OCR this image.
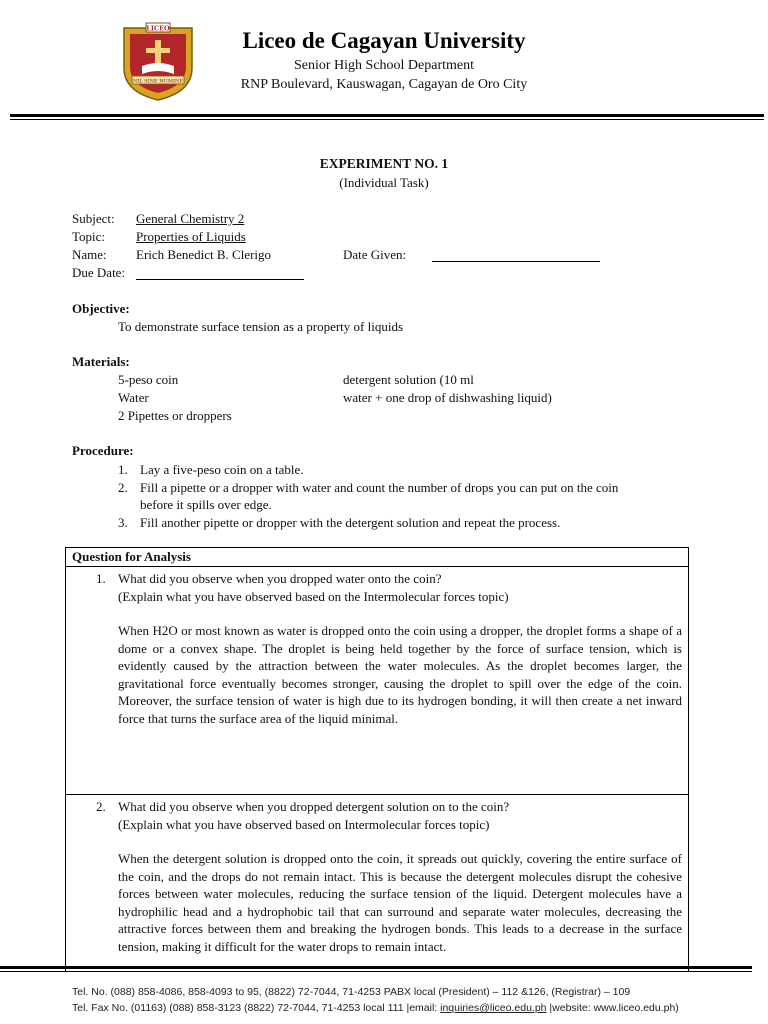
LICEO
NIL SINE NUMINE
Liceo de Cagayan University
Senior High School Department
RNP Boulevard, Kauswagan, Cagayan de Oro City
EXPERIMENT NO. 1
(Individual Task)
Subject: General Chemistry 2
Topic: Properties of Liquids
Name: Erich Benedict B. Clerigo	Date Given:
Due Date:
Objective:
To demonstrate surface tension as a property of liquids
Materials:
5-peso coin
Water
2 Pipettes or droppers
detergent solution (10 ml
water + one drop of dishwashing liquid)
Procedure:
1. Lay a five-peso coin on a table.
2. Fill a pipette or a dropper with water and count the number of drops you can put on the coin
before it spills over edge.
3. Fill another pipette or dropper with the detergent solution and repeat the process.
Question for Analysis
1. What did you observe when you dropped water onto the coin?
(Explain what you have observed based on the Intermolecular forces topic)
When H2O or most known as water is dropped onto the coin using a dropper, the droplet forms a shape of a dome or a convex shape. The droplet is being held together by the force of surface tension, which is evidently caused by the attraction between the water molecules. As the droplet becomes larger, the gravitational force eventually becomes stronger, causing the droplet to spill over the edge of the coin. Moreover, the surface tension of water is high due to its hydrogen bonding, it will then create a net inward force that turns the surface area of the liquid minimal.
2. What did you observe when you dropped detergent solution on to the coin?
(Explain what you have observed based on Intermolecular forces topic)
When the detergent solution is dropped onto the coin, it spreads out quickly, covering the entire surface of the coin, and the drops do not remain intact. This is because the detergent molecules disrupt the cohesive forces between water molecules, reducing the surface tension of the liquid. Detergent molecules have a hydrophilic head and a hydrophobic tail that can surround and separate water molecules, decreasing the attractive forces between them and breaking the hydrogen bonds. This leads to a decrease in the surface tension, making it difficult for the water drops to remain intact.
Tel. No. (088) 858-4086, 858-4093 to 95, (8822) 72-7044, 71-4253 PABX local (President) – 112 &126, (Registrar) – 109
Tel. Fax No. (01163) (088) 858-3123 (8822) 72-7044, 71-4253 local 111 |email: inquiries@liceo.edu.ph |website: www.liceo.edu.ph)
